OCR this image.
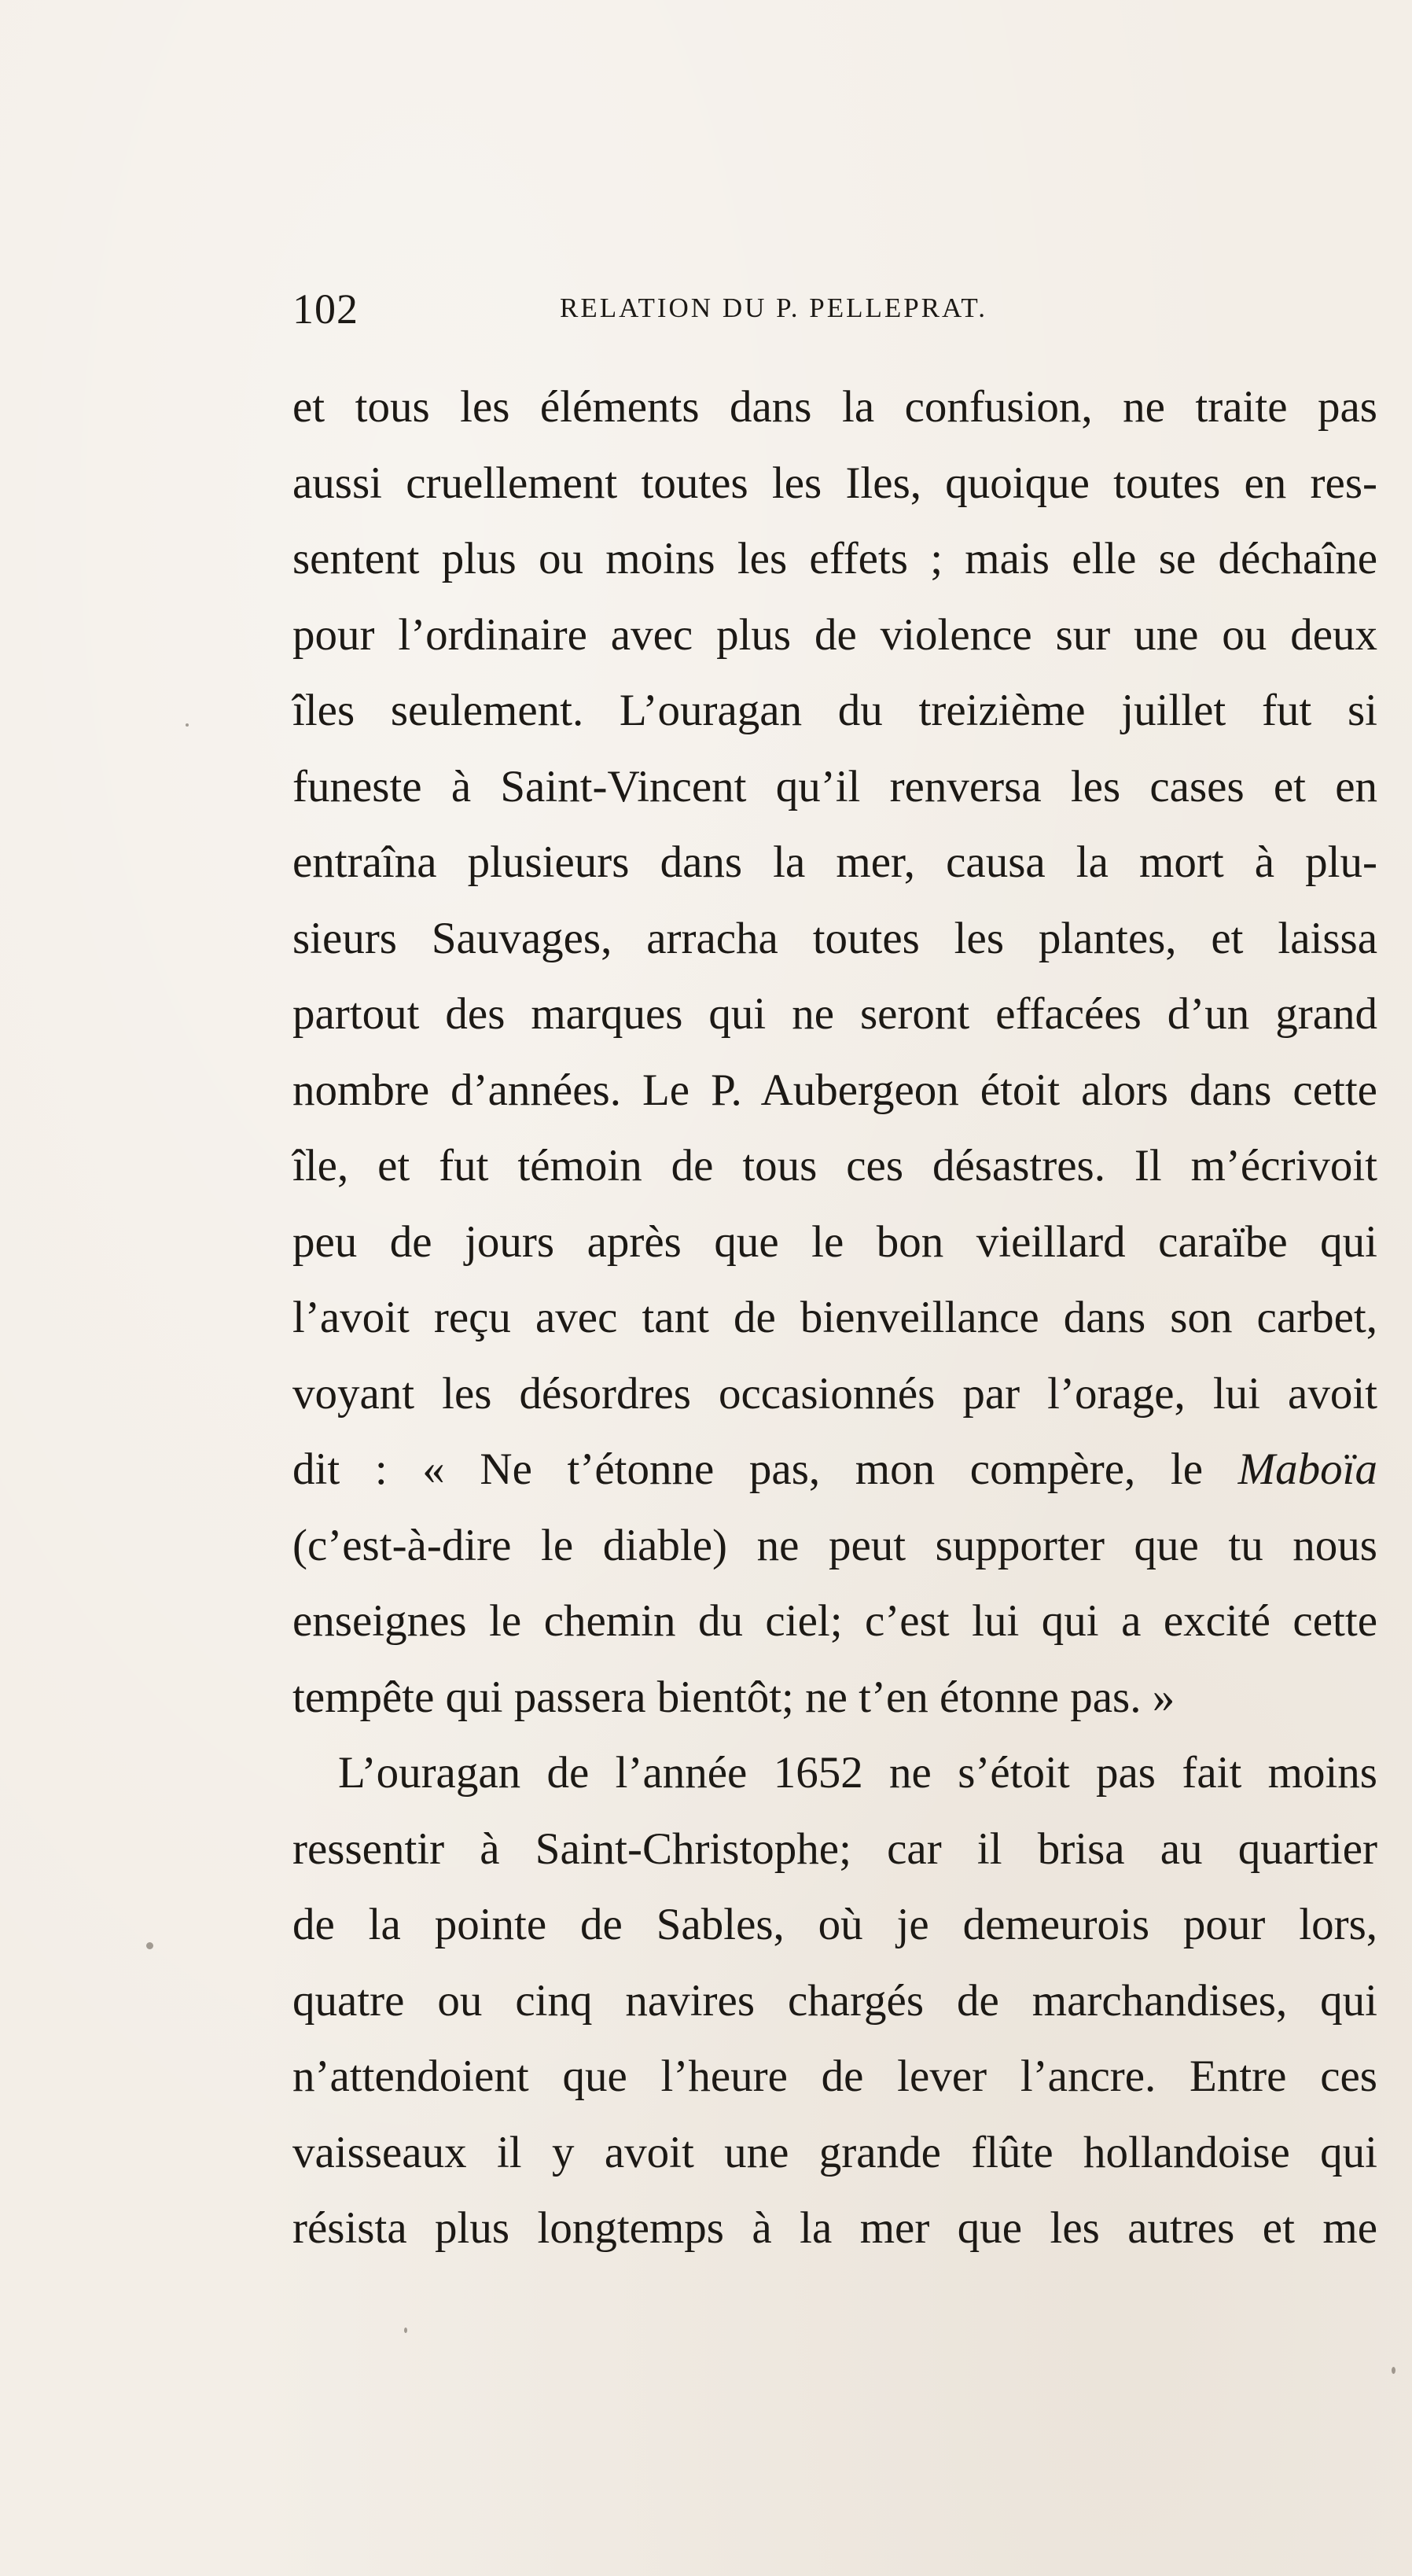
102	RELATION DU P. PELLEPRAT.
et tous les éléments dans la confusion, ne traite pas
aussi cruellement toutes les Iles, quoique toutes en res-
sentent plus ou moins les effets ; mais elle se déchaîne
pour l’ordinaire avec plus de violence sur une ou deux
îles seulement. L’ouragan du treizième juillet fut si
funeste à Saint-Vincent qu’il renversa les cases et en
entraîna plusieurs dans la mer, causa la mort à plu-
sieurs Sauvages, arracha toutes les plantes, et laissa
partout des marques qui ne seront effacées d’un grand
nombre d’années. Le P. Aubergeon étoit alors dans cette
île, et fut témoin de tous ces désastres. Il m’écrivoit
peu de jours après que le bon vieillard caraïbe qui
l’avoit reçu avec tant de bienveillance dans son carbet,
voyant les désordres occasionnés par l’orage, lui avoit
dit : « Ne t’étonne pas, mon compère, le Maboïa
(c’est-à-dire le diable) ne peut supporter que tu nous
enseignes le chemin du ciel; c’est lui qui a excité cette
tempête qui passera bientôt; ne t’en étonne pas. »
L’ouragan de l’année 1652 ne s’étoit pas fait moins
ressentir à Saint-Christophe; car il brisa au quartier
de la pointe de Sables, où je demeurois pour lors,
quatre ou cinq navires chargés de marchandises, qui
n’attendoient que l’heure de lever l’ancre. Entre ces
vaisseaux il y avoit une grande flûte hollandoise qui
résista plus longtemps à la mer que les autres et me
